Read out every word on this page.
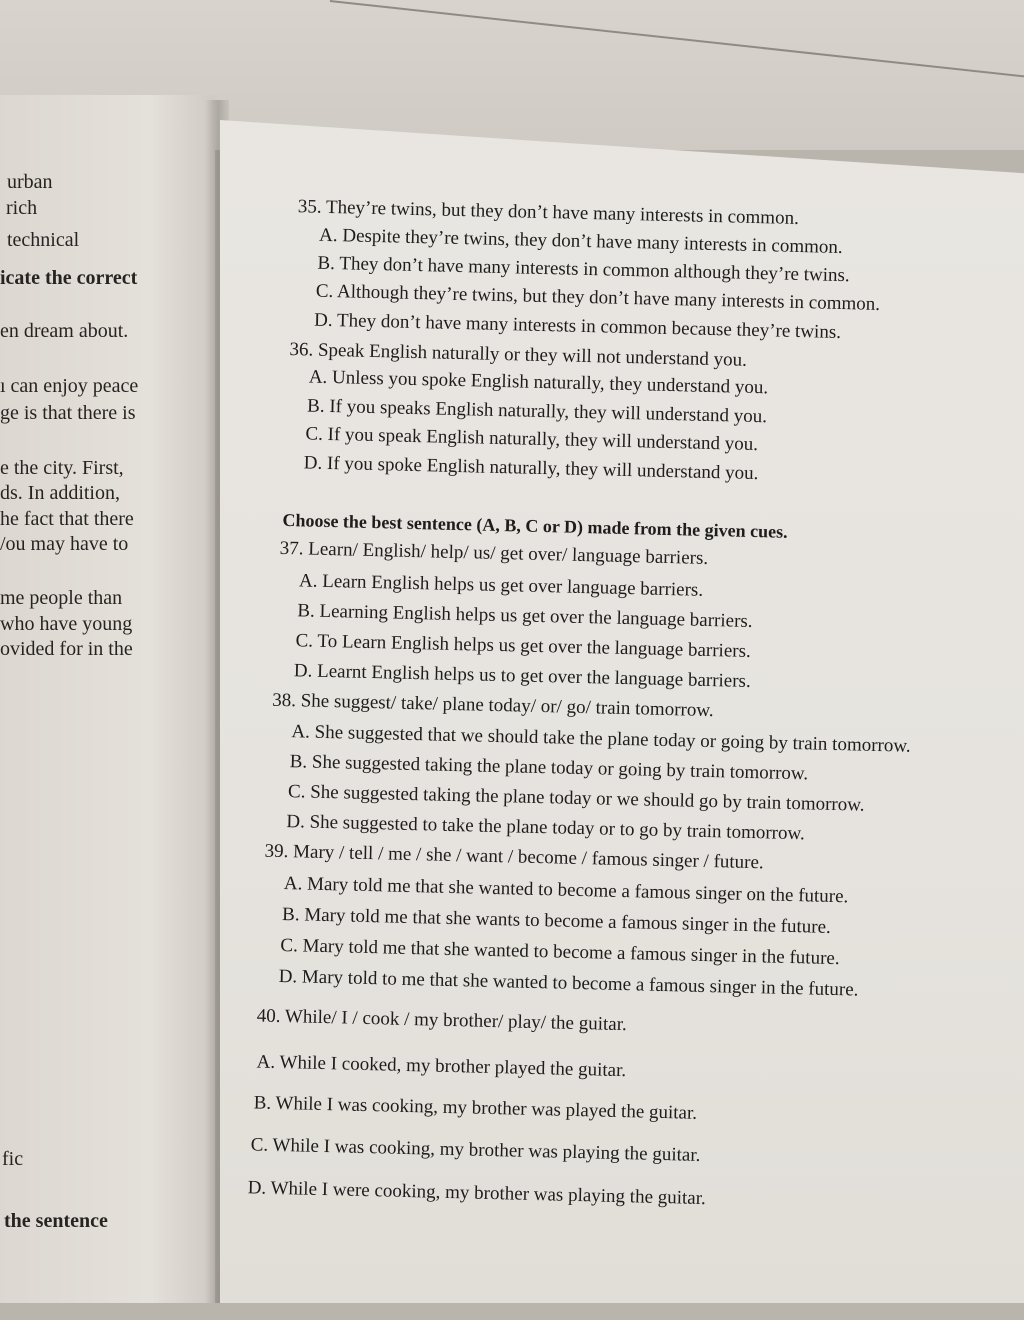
urban
rich
technical
icate the correct
en dream about.
ı can enjoy peace
ge is that there is
e the city. First,
ds. In addition,
he fact that there
/ou may have to
me people than
who have young
ovided for in the
fic
the sentence
35. They’re twins, but they don’t have many interests in common.
A. Despite they’re twins, they don’t have many interests in common.
B. They don’t have many interests in common although they’re twins.
C. Although they’re twins, but they don’t have many interests in common.
D. They don’t have many interests in common because they’re twins.
36. Speak English naturally or they will not understand you.
A. Unless you spoke English naturally, they understand you.
B. If you speaks English naturally, they will understand you.
C. If you speak English naturally, they will understand you.
D. If you spoke English naturally, they will understand you.
Choose the best sentence (A, B, C or D) made from the given cues.
37. Learn/ English/ help/ us/ get over/ language barriers.
A. Learn English helps us get over language barriers.
B. Learning English helps us get over the language barriers.
C. To Learn English helps us get over the language barriers.
D. Learnt English helps us to get over the language barriers.
38. She suggest/ take/ plane today/ or/ go/ train tomorrow.
A. She suggested that we should take the plane today or going by train tomorrow.
B. She suggested taking the plane today or going by train tomorrow.
C. She suggested taking the plane today or we should go by train tomorrow.
D. She suggested to take the plane today or to go by train tomorrow.
39. Mary / tell / me / she / want / become / famous singer / future.
A. Mary told me that she wanted to become a famous singer on the future.
B. Mary told me that she wants to become a famous singer in the future.
C. Mary told me that she wanted to become a famous singer in the future.
D. Mary told to me that she wanted to become a famous singer in the future.
40. While/ I / cook / my brother/ play/ the guitar.
A. While I cooked, my brother played the guitar.
B. While I was cooking, my brother was played the guitar.
C. While I was cooking, my brother was playing the guitar.
D. While I were cooking, my brother was playing the guitar.
